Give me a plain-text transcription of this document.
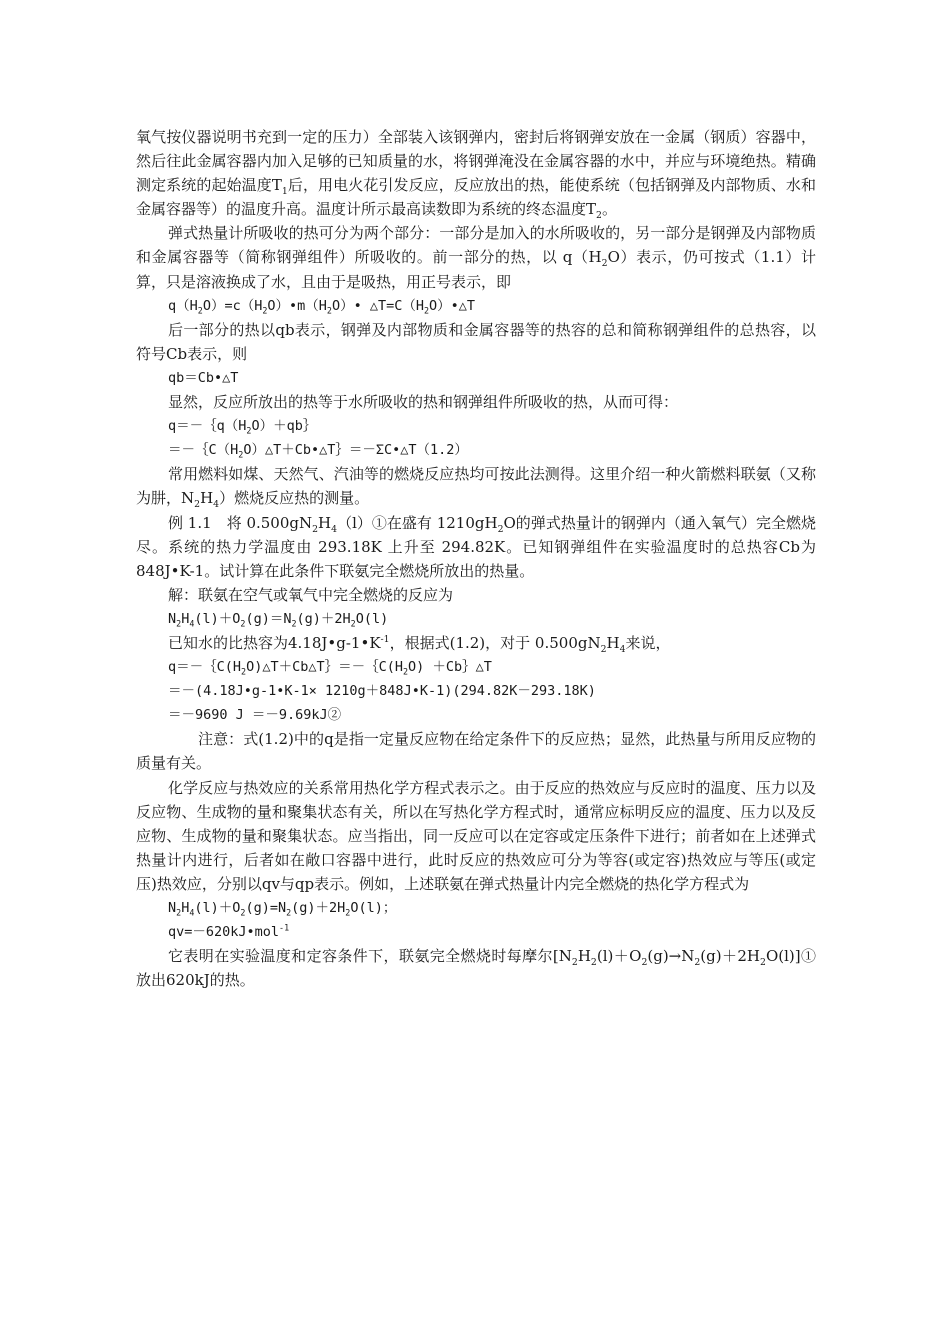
氧气按仪器说明书充到一定的压力）全部装入该钢弹内，密封后将钢弹安放在一金属（钢质）容器中，然后往此金属容器内加入足够的已知质量的水，将钢弹淹没在金属容器的水中，并应与环境绝热。精确测定系统的起始温度$T_1$后，用电火花引发反应，反应放出的热，能使系统（包括钢弹及内部物质、水和金属容器等）的温度升高。温度计所示最高读数即为系统的终态温度$T_2$。

弹式热量计所吸收的热可分为两个部分：一部分是加入的水所吸收的，另一部分是钢弹及内部物质和金属容器等（简称钢弹组件）所吸收的。前一部分的热，以 $q(H_2O)$表示，仍可按式（1.1）计算，只是溶液换成了水，且由于是吸热，用正号表示，即

$q(H_2O)=c(H_2O)•m(H_2O)•$ $\triangle T=C(H_2O)•\triangle T$

后一部分的热以qb表示，钢弹及内部物质和金属容器等的热容的总和简称钢弹组件的总热容，以符号Cb表示，则

qb＝Cb•△T

显然，反应所放出的热等于水所吸收的热和钢弹组件所吸收的热，从而可得：

$q=-\{q(H_2O)+qb\}$

$=-\{C(H_2O)\triangle T+Cb•\triangle T\}=-\Sigma C•\triangle T(1.2)$

常用燃料如煤、天然气、汽油等的燃烧反应热均可按此法测得。这里介绍一种火箭燃料联氨（又称为肼，$N_2H_4$）燃烧反应热的测量。

例 1.1　将 $0.500gN_2H_4(l)①$在盛有 $1210gH_2O$的弹式热量计的钢弹内（通入氧气）完全燃烧尽。系统的热力学温度由 293.18K 上升至 294.82K。已知钢弹组件在实验温度时的总热容Cb为848J•K-1。试计算在此条件下联氨完全燃烧所放出的热量。

解：联氨在空气或氧气中完全燃烧的反应为

$N_2H_4(l)+O_2(g)=N_2(g)+2H_2O(l)$

已知水的比热容为$4.18J•g-1•K^{-1}$，根据式(1.2)，对于 $0.500gN_2H_4$来说，

$q=-\{C(H_2O)\triangle T+Cb\triangle T\}=-\{C(H_2O)$ ＋Cb｝△T

＝－(4.18J•g-1•K-1× 1210g＋848J•K-1)(294.82K－293.18K)

＝－9690 J ＝－9.69kJ②

注意：式(1.2)中的q是指一定量反应物在给定条件下的反应热；显然，此热量与所用反应物的质量有关。

化学反应与热效应的关系常用热化学方程式表示之。由于反应的热效应与反应时的温度、压力以及反应物、生成物的量和聚集状态有关，所以在写热化学方程式时，通常应标明反应的温度、压力以及反应物、生成物的量和聚集状态。应当指出，同一反应可以在定容或定压条件下进行；前者如在上述弹式热量计内进行，后者如在敞口容器中进行，此时反应的热效应可分为等容(或定容)热效应与等压(或定压)热效应，分别以qv与qp表示。例如，上述联氨在弹式热量计内完全燃烧的热化学方程式为

$N_2H_4(l)+O_2(g)=N_2(g)+2H_2O(l)$；

qv=－620kJ•mol$^{-1}$

它表明在实验温度和定容条件下，联氨完全燃烧时每摩尔$[N_2H_2(l)+O_2(g)\to N_2(g)+2H_2O(l)]①$放出620kJ的热。
